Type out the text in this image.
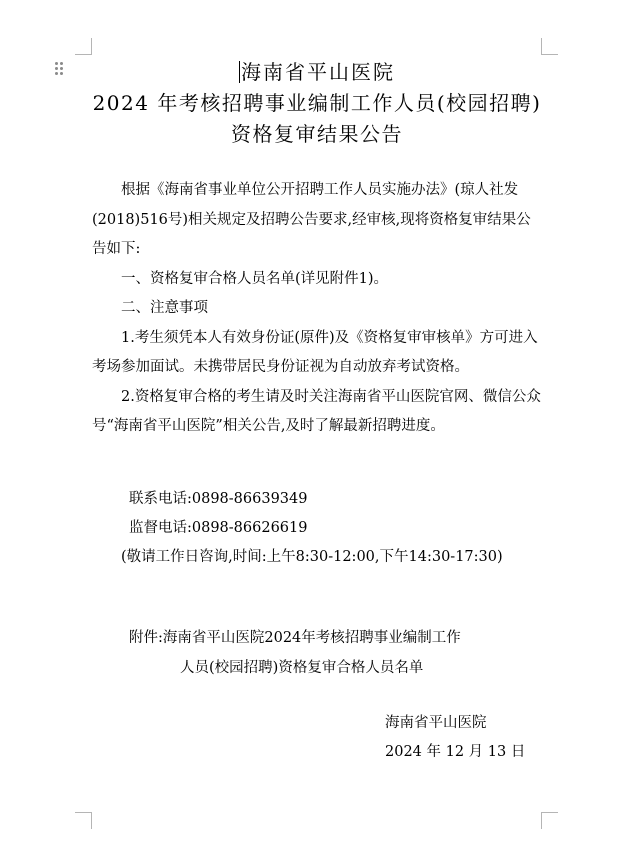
海南省平山医院
2024 年考核招聘事业编制工作人员(校园招聘)资格复审结果公告

根据《海南省事业单位公开招聘工作人员实施办法》(琼人社发(2018)516号)相关规定及招聘公告要求,经审核,现将资格复审结果公告如下:

一、资格复审合格人员名单(详见附件1)。

二、注意事项

1.考生须凭本人有效身份证(原件)及《资格复审审核单》方可进入考场参加面试。未携带居民身份证视为自动放弃考试资格。

2.资格复审合格的考生请及时关注海南省平山医院官网、微信公众号“海南省平山医院”相关公告,及时了解最新招聘进度。

联系电话:0898-86639349
监督电话:0898-86626619
(敬请工作日咨询,时间:上午8:30-12:00,下午14:30-17:30)
附件:海南省平山医院2024年考核招聘事业编制工作
人员(校园招聘)资格复审合格人员名单
海南省平山医院
2024 年 12 月 13 日
